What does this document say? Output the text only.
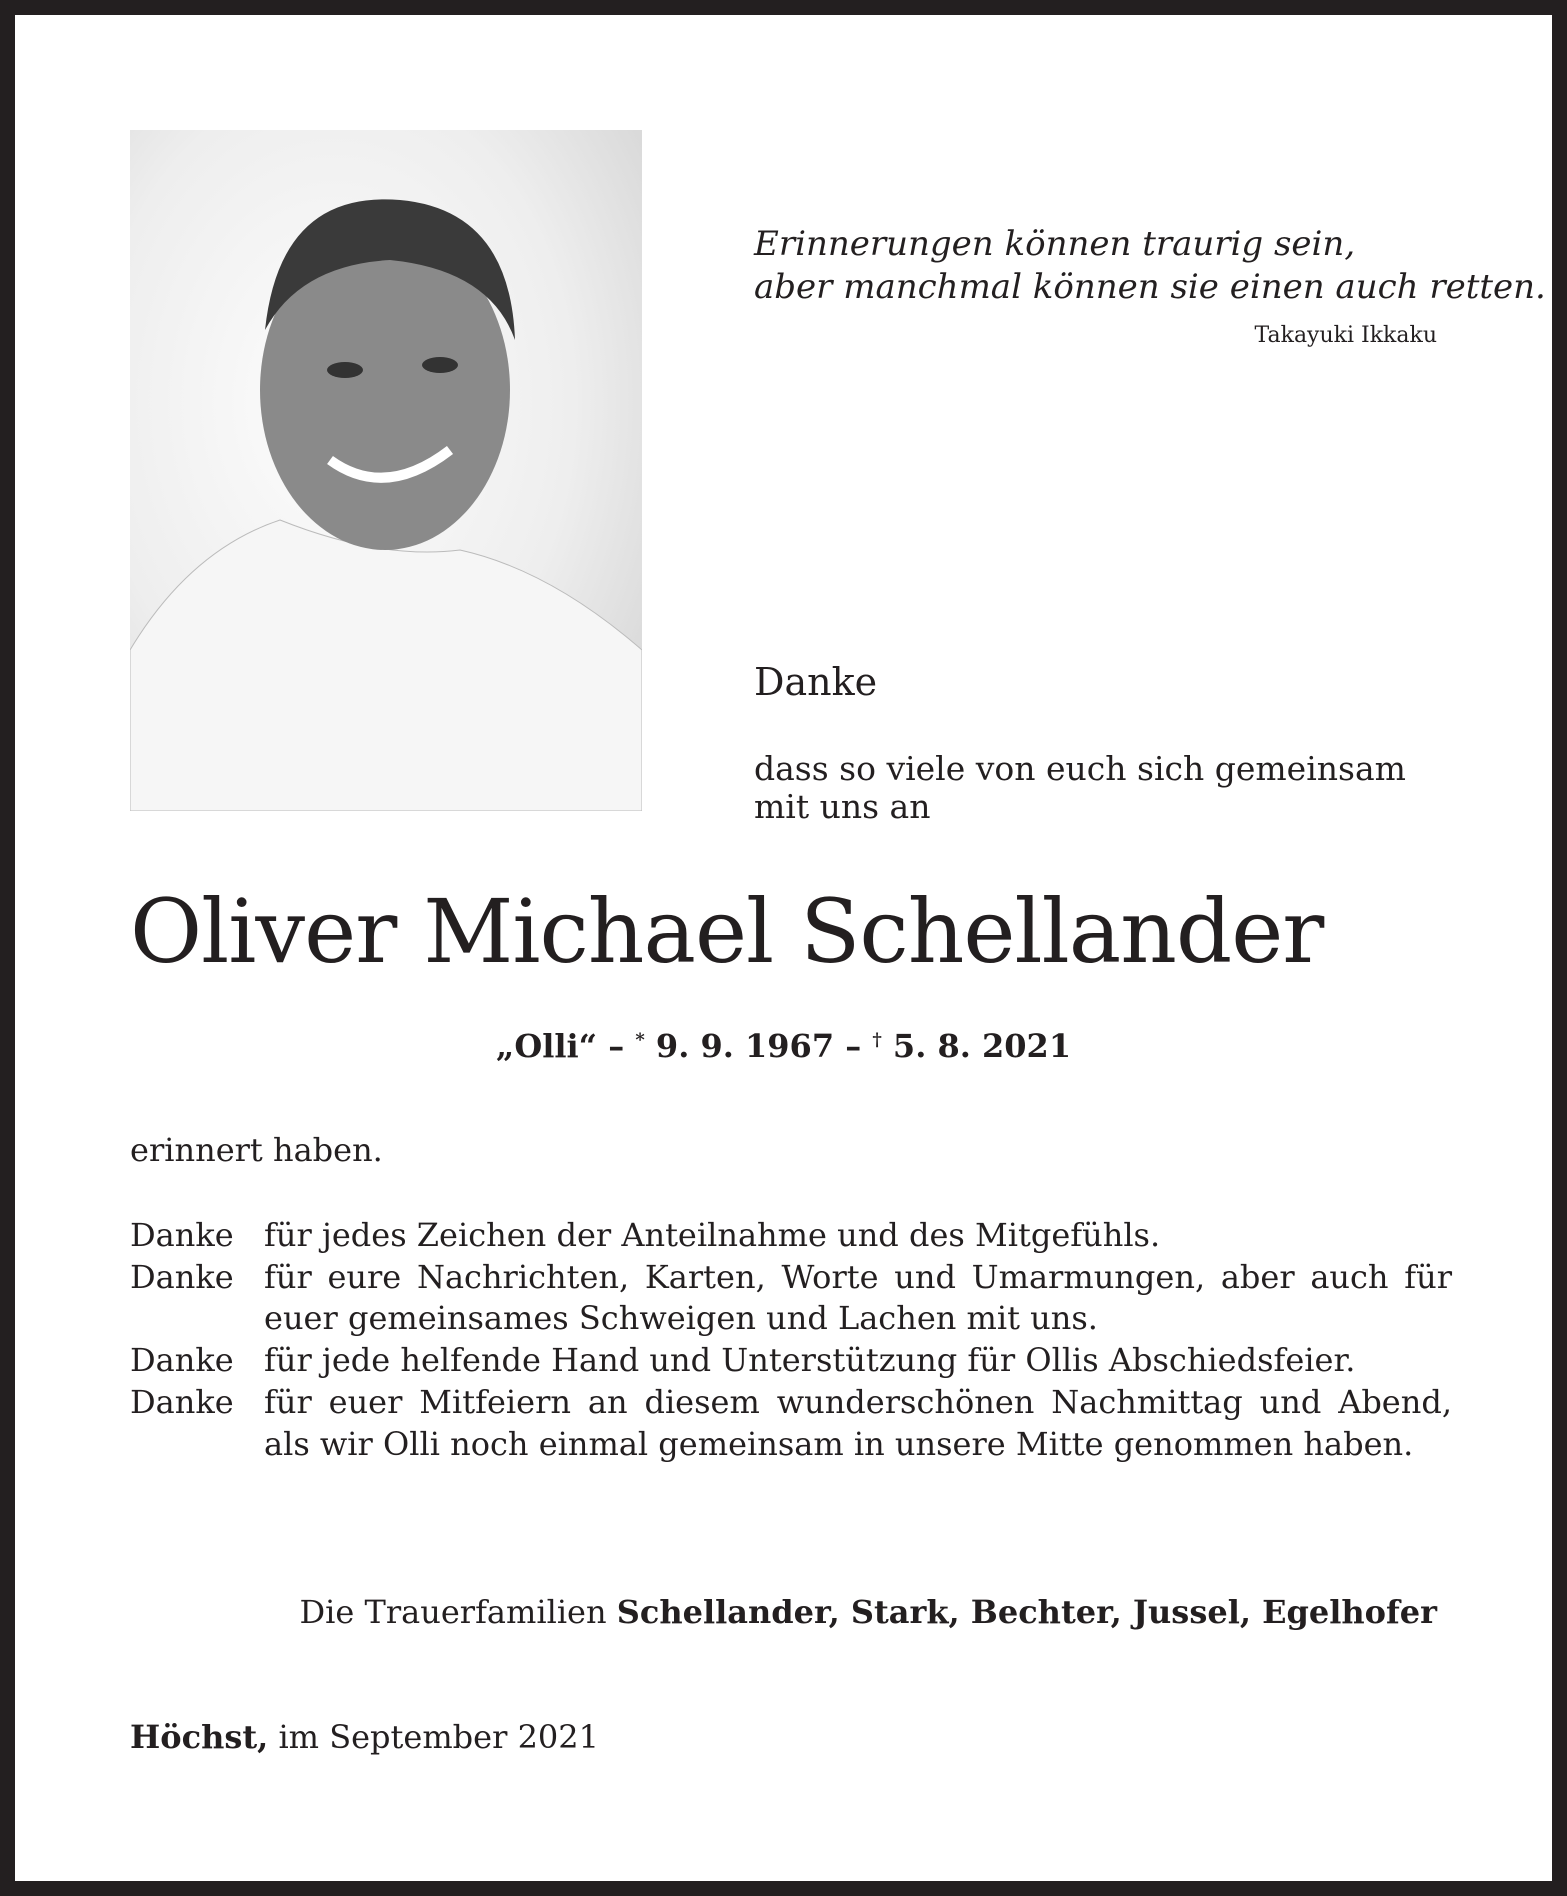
Erinnerungen können traurig sein,
aber manchmal können sie einen auch retten.
Takayuki Ikkaku
Danke
dass so viele von euch sich gemeinsam
mit uns an
Oliver Michael Schellander
„Olli“ – * 9. 9. 1967 – † 5. 8. 2021
erinnert haben.
Danke für jedes Zeichen der Anteilnahme und des Mitgefühls.
Danke für eure Nachrichten, Karten, Worte und Umarmungen, aber auch für euer gemeinsames Schweigen und Lachen mit uns.
Danke für jede helfende Hand und Unterstützung für Ollis Abschiedsfeier.
Danke für euer Mitfeiern an diesem wunderschönen Nachmittag und Abend, als wir Olli noch einmal gemeinsam in unsere Mitte genommen haben.
Die Trauerfamilien Schellander, Stark, Bechter, Jussel, Egelhofer
Höchst, im September 2021
